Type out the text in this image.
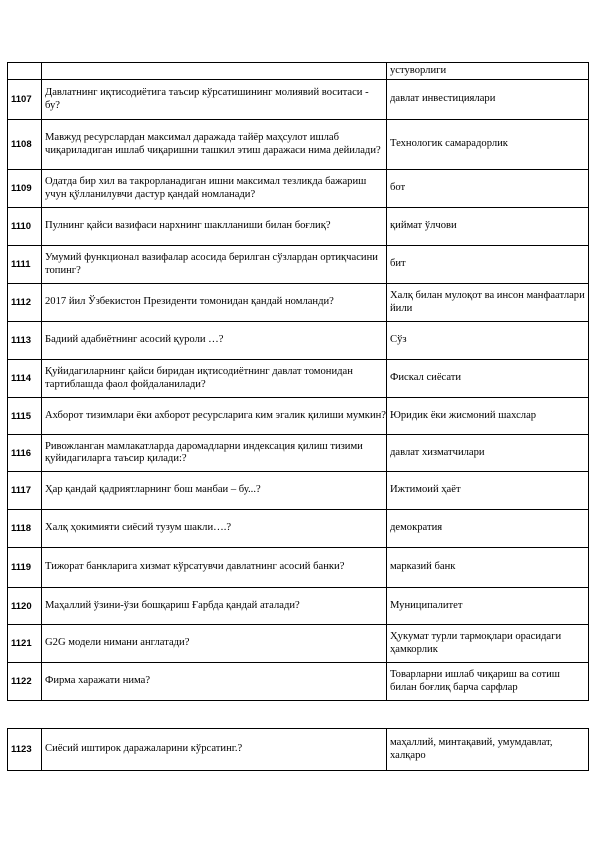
		устуворлиги
1107	Давлатнинг иқтисодиётига таъсир кўрсатишининг молиявий воситаси - бу?	давлат инвестициялари
1108	Мавжуд ресурслардан максимал даражада тайёр маҳсулот ишлаб чиқариладиган ишлаб чиқаришни ташкил этиш даражаси нима дейилади?	Технологик самарадорлик
1109	Одатда бир хил ва такрорланадиган ишни максимал тезликда бажариш учун қўлланилувчи дастур қандай номланади?	бот
1110	Пулнинг қайси вазифаси нархнинг шаклланиши билан боғлиқ?	қиймат ўлчови
1111	Умумий функционал вазифалар асосида берилган сўзлардан ортиқчасини топинг?	бит
1112	2017 йил Ўзбекистон Президенти томонидан қандай номланди?	Халқ билан мулоқот ва инсон манфаатлари йили
1113	Бадиий адабиётнинг асосий қуроли …?	Сўз
1114	Қуйидагиларнинг қайси биридан иқтисодиётнинг давлат томонидан тартиблашда фаол фойдаланилади?	Фискал сиёсати
1115	Ахборот тизимлари ёки ахборот ресурсларига ким эгалик қилиши мумкин?	Юридик ёки жисмоний шахслар
1116	Ривожланган мамлакатларда даромадларни индексация қилиш тизими қуйидагиларга таъсир қилади:?	давлат хизматчилари
1117	Ҳар қандай қадриятларнинг бош манбаи – бу...?	Ижтимоий ҳаёт
1118	Халқ ҳокимияти сиёсий тузум шакли….?	демократия
1119	Тижорат банкларига хизмат кўрсатувчи давлатнинг асосий банки?	марказий банк
1120	Маҳаллий ўзини-ўзи бошқариш Ғарбда қандай аталади?	Муниципалитет
1121	G2G модели нимани англатади?	Ҳукумат турли тармоқлари орасидаги ҳамкорлик
1122	Фирма харажати нима?	Товарларни ишлаб чиқариш ва сотиш билан боғлиқ барча сарфлар
1123	Сиёсий иштирок даражаларини кўрсатинг.?	маҳаллий, минтақавий, умумдавлат, халқаро
